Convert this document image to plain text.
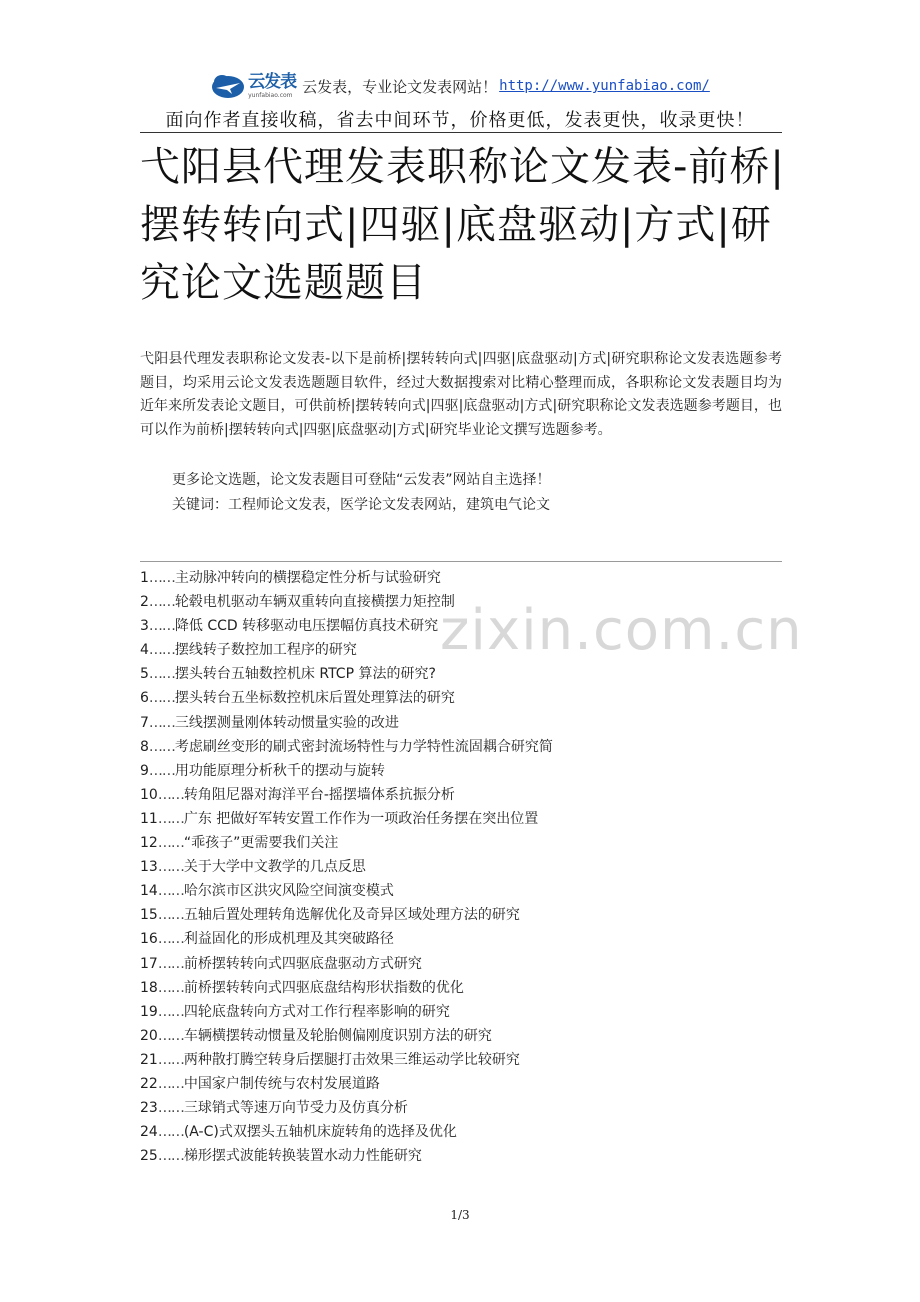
云发表
yunfabiao.com 云发表，专业论文发表网站！ http://www.yunfabiao.com/
面向作者直接收稿，省去中间环节，价格更低，发表更快，收录更快！
弋阳县代理发表职称论文发表-前桥|摆转转向式|四驱|底盘驱动|方式|研究论文选题题目

弋阳县代理发表职称论文发表-以下是前桥|摆转转向式|四驱|底盘驱动|方式|研究职称论文发表选题参考题目，均采用云论文发表选题题目软件，经过大数据搜索对比精心整理而成，各职称论文发表题目均为近年来所发表论文题目，可供前桥|摆转转向式|四驱|底盘驱动|方式|研究职称论文发表选题参考题目，也可以作为前桥|摆转转向式|四驱|底盘驱动|方式|研究毕业论文撰写选题参考。

更多论文选题，论文发表题目可登陆“云发表”网站自主选择！
关键词：工程师论文发表，医学论文发表网站，建筑电气论文
1……主动脉冲转向的横摆稳定性分析与试验研究
2……轮毂电机驱动车辆双重转向直接横摆力矩控制
3……降低 CCD 转移驱动电压摆幅仿真技术研究
4……摆线转子数控加工程序的研究
5……摆头转台五轴数控机床 RTCP 算法的研究?
6……摆头转台五坐标数控机床后置处理算法的研究
7……三线摆测量刚体转动惯量实验的改进
8……考虑刷丝变形的刷式密封流场特性与力学特性流固耦合研究简
9……用功能原理分析秋千的摆动与旋转
10……转角阻尼器对海洋平台-摇摆墙体系抗振分析
11……广东 把做好军转安置工作作为一项政治任务摆在突出位置
12……“乖孩子”更需要我们关注
13……关于大学中文教学的几点反思
14……哈尔滨市区洪灾风险空间演变模式
15……五轴后置处理转角选解优化及奇异区域处理方法的研究
16……利益固化的形成机理及其突破路径
17……前桥摆转转向式四驱底盘驱动方式研究
18……前桥摆转转向式四驱底盘结构形状指数的优化
19……四轮底盘转向方式对工作行程率影响的研究
20……车辆横摆转动惯量及轮胎侧偏刚度识别方法的研究
21……两种散打腾空转身后摆腿打击效果三维运动学比较研究
22……中国家户制传统与农村发展道路
23……三球销式等速万向节受力及仿真分析
24……(A-C)式双摆头五轴机床旋转角的选择及优化
25……梯形摆式波能转换装置水动力性能研究
zixin.com.cn
1/3
